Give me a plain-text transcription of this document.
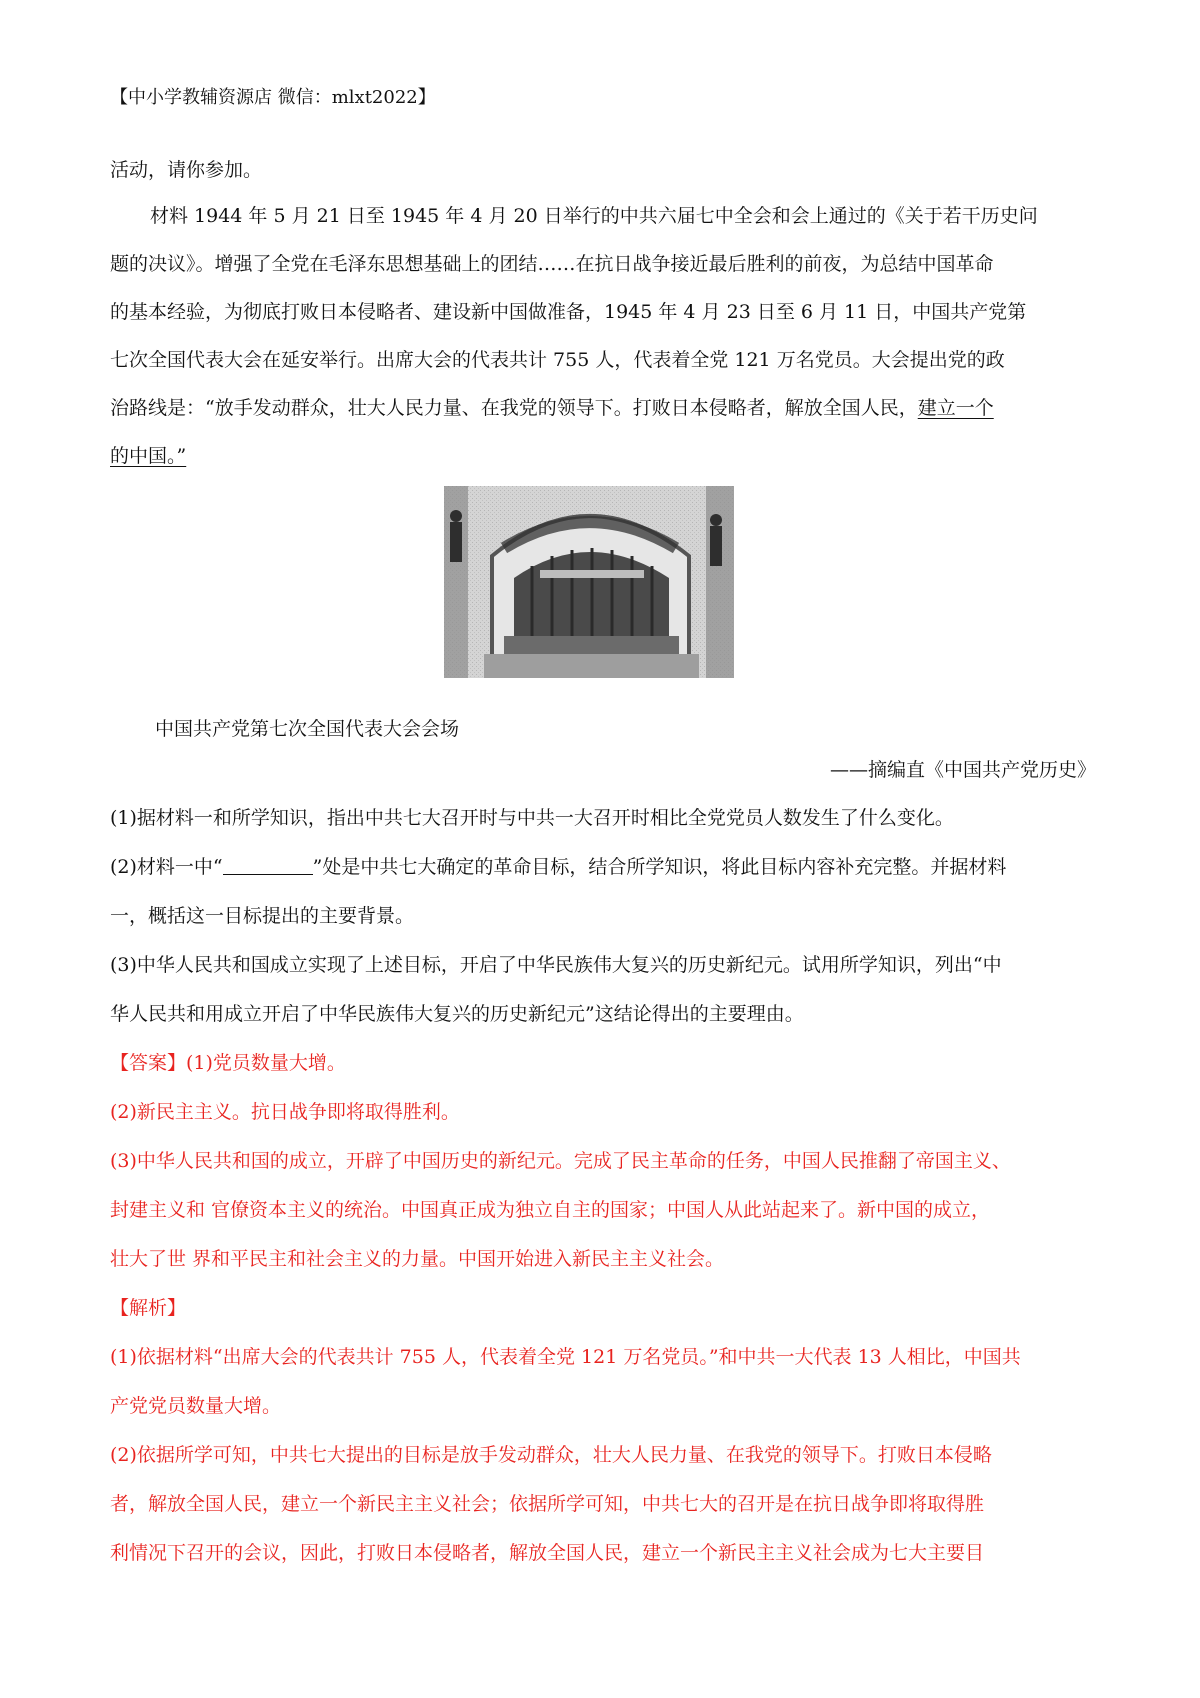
【中小学教辅资源店 微信：mlxt2022】
活动，请你参加。
材料 1944 年 5 月 21 日至 1945 年 4 月 20 日举行的中共六届七中全会和会上通过的《关于若干历史问
题的决议》。增强了全党在毛泽东思想基础上的团结……在抗日战争接近最后胜利的前夜，为总结中国革命
的基本经验，为彻底打败日本侵略者、建设新中国做准备，1945 年 4 月 23 日至 6 月 11 日，中国共产党第
七次全国代表大会在延安举行。出席大会的代表共计 755 人，代表着全党 121 万名党员。大会提出党的政
治路线是：“放手发动群众，壮大人民力量、在我党的领导下。打败日本侵略者，解放全国人民，建立一个
的中国。”
中国共产党第七次全国代表大会会场
——摘编直《中国共产党历史》
(1)据材料一和所学知识，指出中共七大召开时与中共一大召开时相比全党党员人数发生了什么变化。
(2)材料一中“	”处是中共七大确定的革命目标，结合所学知识，将此目标内容补充完整。并据材料
一，概括这一目标提出的主要背景。
(3)中华人民共和国成立实现了上述目标，开启了中华民族伟大复兴的历史新纪元。试用所学知识，列出“中
华人民共和用成立开启了中华民族伟大复兴的历史新纪元”这结论得出的主要理由。
【答案】(1)党员数量大增。
(2)新民主主义。抗日战争即将取得胜利。
(3)中华人民共和国的成立，开辟了中国历史的新纪元。完成了民主革命的任务，中国人民推翻了帝国主义、
封建主义和 官僚资本主义的统治。中国真正成为独立自主的国家；中国人从此站起来了。新中国的成立，
壮大了世 界和平民主和社会主义的力量。中国开始进入新民主主义社会。
【解析】
(1)依据材料“出席大会的代表共计 755 人，代表着全党 121 万名党员。”和中共一大代表 13 人相比，中国共
产党党员数量大增。
(2)依据所学可知，中共七大提出的目标是放手发动群众，壮大人民力量、在我党的领导下。打败日本侵略
者，解放全国人民，建立一个新民主主义社会；依据所学可知，中共七大的召开是在抗日战争即将取得胜
利情况下召开的会议，因此，打败日本侵略者，解放全国人民，建立一个新民主主义社会成为七大主要目
